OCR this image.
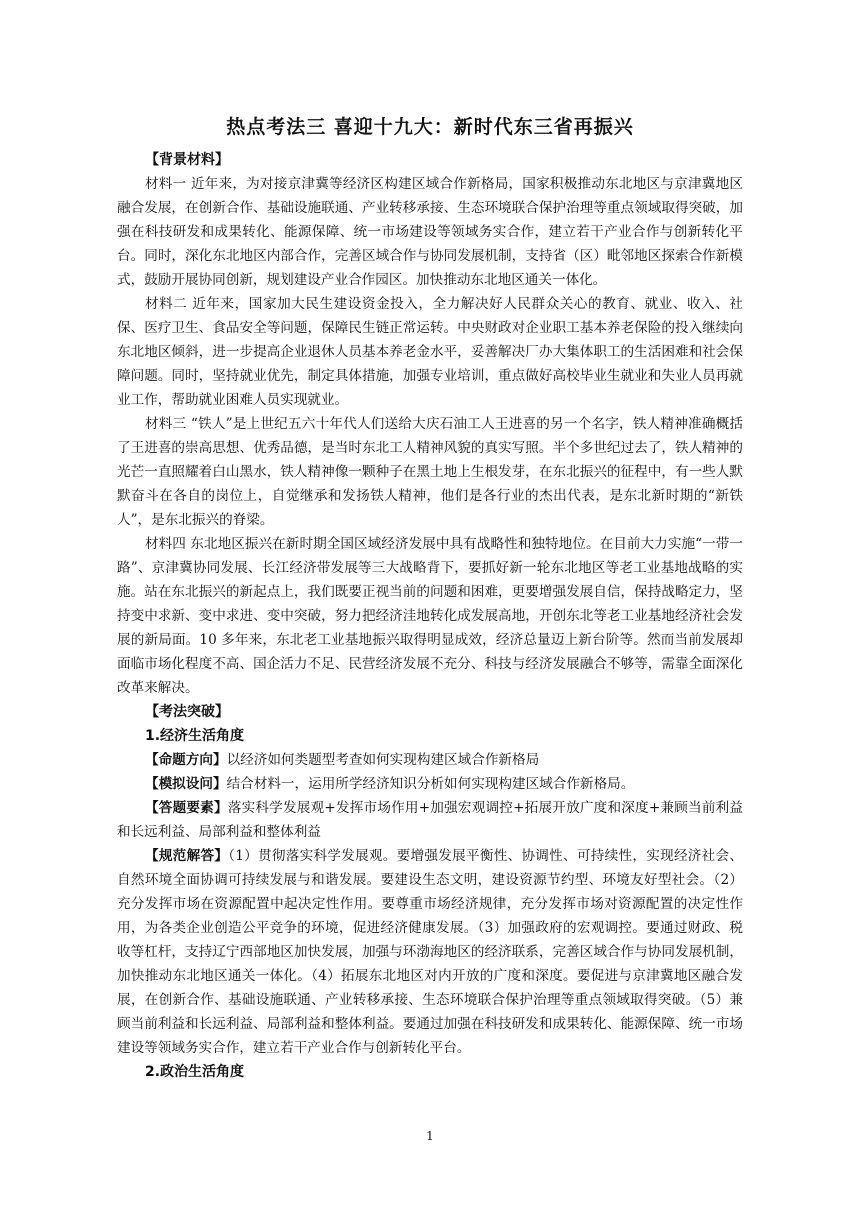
热点考法三 喜迎十九大：新时代东三省再振兴

【背景材料】

材料一 近年来，为对接京津冀等经济区构建区域合作新格局，国家积极推动东北地区与京津冀地区融合发展，在创新合作、基础设施联通、产业转移承接、生态环境联合保护治理等重点领域取得突破，加强在科技研发和成果转化、能源保障、统一市场建设等领域务实合作，建立若干产业合作与创新转化平台。同时，深化东北地区内部合作，完善区域合作与协同发展机制，支持省（区）毗邻地区探索合作新模式，鼓励开展协同创新，规划建设产业合作园区。加快推动东北地区通关一体化。

材料二 近年来，国家加大民生建设资金投入，全力解决好人民群众关心的教育、就业、收入、社保、医疗卫生、食品安全等问题，保障民生链正常运转。中央财政对企业职工基本养老保险的投入继续向东北地区倾斜，进一步提高企业退休人员基本养老金水平，妥善解决厂办大集体职工的生活困难和社会保障问题。同时，坚持就业优先，制定具体措施，加强专业培训，重点做好高校毕业生就业和失业人员再就业工作，帮助就业困难人员实现就业。

材料三 “铁人”是上世纪五六十年代人们送给大庆石油工人王进喜的另一个名字，铁人精神准确概括了王进喜的崇高思想、优秀品德，是当时东北工人精神风貌的真实写照。半个多世纪过去了，铁人精神的光芒一直照耀着白山黑水，铁人精神像一颗种子在黑土地上生根发芽，在东北振兴的征程中，有一些人默默奋斗在各自的岗位上，自觉继承和发扬铁人精神，他们是各行业的杰出代表，是东北新时期的“新铁人”，是东北振兴的脊梁。

材料四 东北地区振兴在新时期全国区域经济发展中具有战略性和独特地位。在目前大力实施“一带一路”、京津冀协同发展、长江经济带发展等三大战略背下，要抓好新一轮东北地区等老工业基地战略的实施。站在东北振兴的新起点上，我们既要正视当前的问题和困难，更要增强发展自信，保持战略定力，坚持变中求新、变中求进、变中突破，努力把经济洼地转化成发展高地，开创东北等老工业基地经济社会发展的新局面。10 多年来，东北老工业基地振兴取得明显成效，经济总量迈上新台阶等。然而当前发展却面临市场化程度不高、国企活力不足、民营经济发展不充分、科技与经济发展融合不够等，需靠全面深化改革来解决。

【考法突破】

1.经济生活角度

【命题方向】以经济如何类题型考查如何实现构建区域合作新格局

【模拟设问】结合材料一，运用所学经济知识分析如何实现构建区域合作新格局。

【答题要素】落实科学发展观+发挥市场作用+加强宏观调控+拓展开放广度和深度+兼顾当前利益和长远利益、局部利益和整体利益

【规范解答】（1）贯彻落实科学发展观。要增强发展平衡性、协调性、可持续性，实现经济社会、自然环境全面协调可持续发展与和谐发展。要建设生态文明，建设资源节约型、环境友好型社会。（2）充分发挥市场在资源配置中起决定性作用。要尊重市场经济规律，充分发挥市场对资源配置的决定性作用，为各类企业创造公平竞争的环境，促进经济健康发展。（3）加强政府的宏观调控。要通过财政、税收等杠杆，支持辽宁西部地区加快发展，加强与环渤海地区的经济联系，完善区域合作与协同发展机制，加快推动东北地区通关一体化。（4）拓展东北地区对内开放的广度和深度。要促进与京津冀地区融合发展，在创新合作、基础设施联通、产业转移承接、生态环境联合保护治理等重点领域取得突破。（5）兼顾当前利益和长远利益、局部利益和整体利益。要通过加强在科技研发和成果转化、能源保障、统一市场建设等领域务实合作，建立若干产业合作与创新转化平台。

2.政治生活角度

1
